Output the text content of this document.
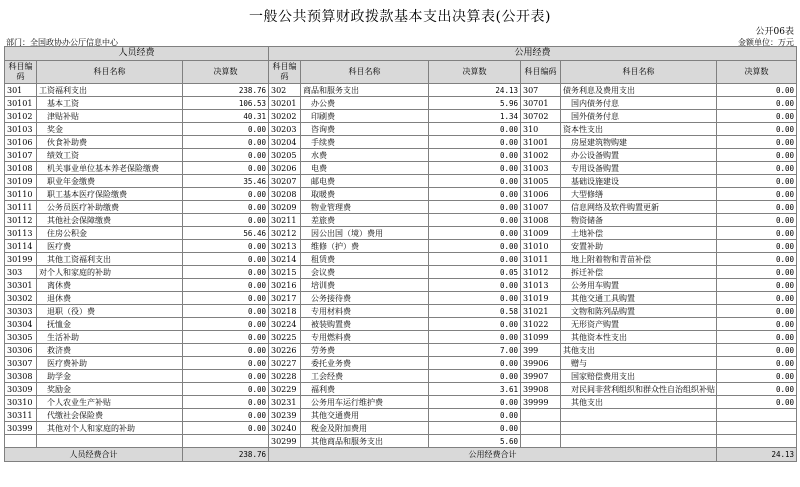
一般公共预算财政拨款基本支出决算表(公开表)
公开06表
部门：全国政协办公厅信息中心	金额单位：万元
人员经费			公用经费					
科目编码	科目名称	决算数	科目编码	科目名称	决算数	科目编码	科目名称	决算数
301	工资福利支出	238.76	302	商品和服务支出	24.13	307	债务利息及费用支出	0.00
30101	　基本工资	106.53	30201	　办公费	5.96	30701	　国内债务付息	0.00
30102	　津贴补贴	40.31	30202	　印刷费	1.34	30702	　国外债务付息	0.00
30103	　奖金	0.00	30203	　咨询费	0.00	310	资本性支出	0.00
30106	　伙食补助费	0.00	30204	　手续费	0.00	31001	　房屋建筑物购建	0.00
30107	　绩效工资	0.00	30205	　水费	0.00	31002	　办公设备购置	0.00
30108	　机关事业单位基本养老保险缴费	0.00	30206	　电费	0.00	31003	　专用设备购置	0.00
30109	　职业年金缴费	35.46	30207	　邮电费	0.00	31005	　基础设施建设	0.00
30110	　职工基本医疗保险缴费	0.00	30208	　取暖费	0.00	31006	　大型修缮	0.00
30111	　公务员医疗补助缴费	0.00	30209	　物业管理费	0.00	31007	　信息网络及软件购置更新	0.00
30112	　其他社会保障缴费	0.00	30211	　差旅费	0.00	31008	　物资储备	0.00
30113	　住房公积金	56.46	30212	　因公出国（境）费用	0.00	31009	　土地补偿	0.00
30114	　医疗费	0.00	30213	　维修（护）费	0.00	31010	　安置补助	0.00
30199	　其他工资福利支出	0.00	30214	　租赁费	0.00	31011	　地上附着物和青苗补偿	0.00
303	对个人和家庭的补助	0.00	30215	　会议费	0.05	31012	　拆迁补偿	0.00
30301	　离休费	0.00	30216	　培训费	0.00	31013	　公务用车购置	0.00
30302	　退休费	0.00	30217	　公务接待费	0.00	31019	　其他交通工具购置	0.00
30303	　退职（役）费	0.00	30218	　专用材料费	0.58	31021	　文物和陈列品购置	0.00
30304	　抚恤金	0.00	30224	　被装购置费	0.00	31022	　无形资产购置	0.00
30305	　生活补助	0.00	30225	　专用燃料费	0.00	31099	　其他资本性支出	0.00
30306	　救济费	0.00	30226	　劳务费	7.00	399	其他支出	0.00
30307	　医疗费补助	0.00	30227	　委托业务费	0.00	39906	　赠与	0.00
30308	　助学金	0.00	30228	　工会经费	0.00	39907	　国家赔偿费用支出	0.00
30309	　奖励金	0.00	30229	　福利费	3.61	39908	　对民间非营利组织和群众性自治组织补贴	0.00
30310	　个人农业生产补贴	0.00	30231	　公务用车运行维护费	0.00	39999	　其他支出	0.00
30311	　代缴社会保险费	0.00	30239	　其他交通费用	0.00			
30399	　其他对个人和家庭的补助	0.00	30240	　税金及附加费用	0.00			
			30299	　其他商品和服务支出	5.60			
人员经费合计		238.76	公用经费合计					24.13
